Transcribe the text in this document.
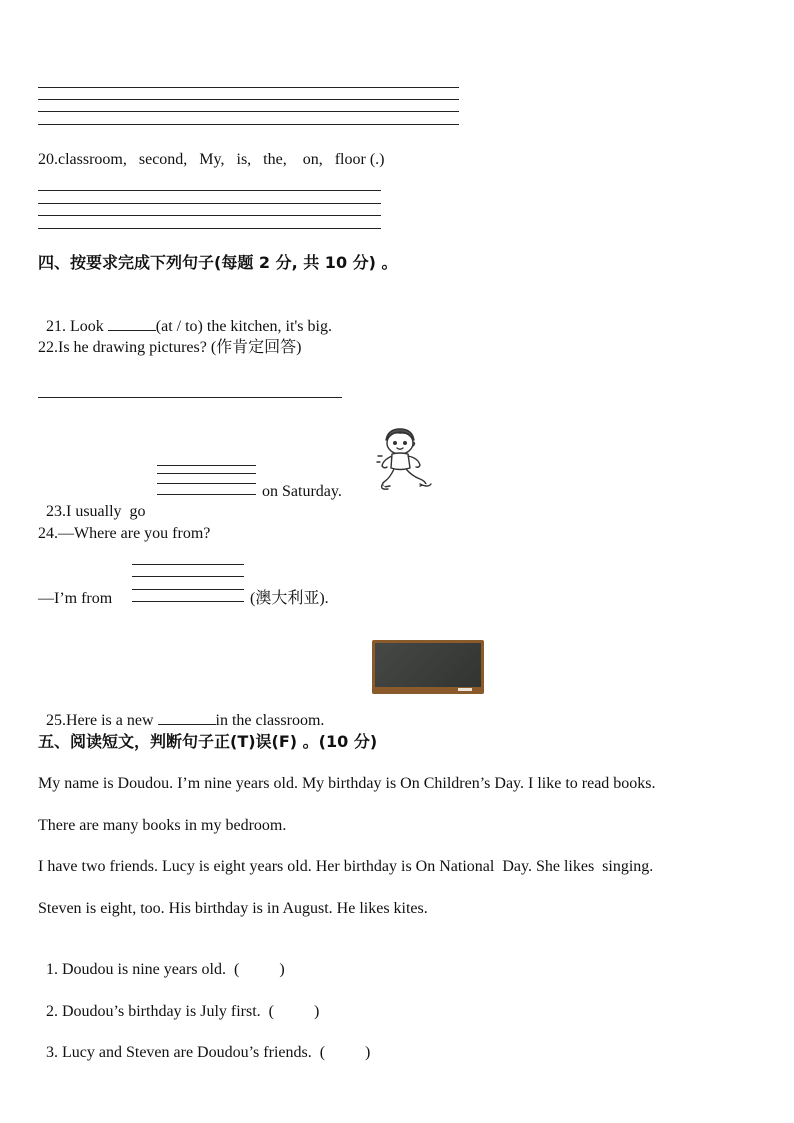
20.classroom,   second,   My,   is,   the,    on,   floor (.)
四、按要求完成下列句子(每题 2 分, 共 10 分) 。

21. Look	(at / to) the kitchen, it's big.

22.Is he drawing pictures? (作肯定回答)

23.I usually  go

on Saturday.
24.—Where are you from?
—I’m from	(澳大利亚).

25.Here is a new	in the classroom.

五、阅读短文，判断句子正(T)误(F) 。(10 分)
My name is Doudou. I’m nine years old. My birthday is On Children’s Day. I like to read books.
There are many books in my bedroom.
I have two friends. Lucy is eight years old. Her birthday is On National  Day. She likes  singing.
Steven is eight, too. His birthday is in August. He likes kites.

1. Doudou is nine years old.  (          )

2. Doudou’s birthday is July first.  (          )

3. Lucy and Steven are Doudou’s friends.  (          )
